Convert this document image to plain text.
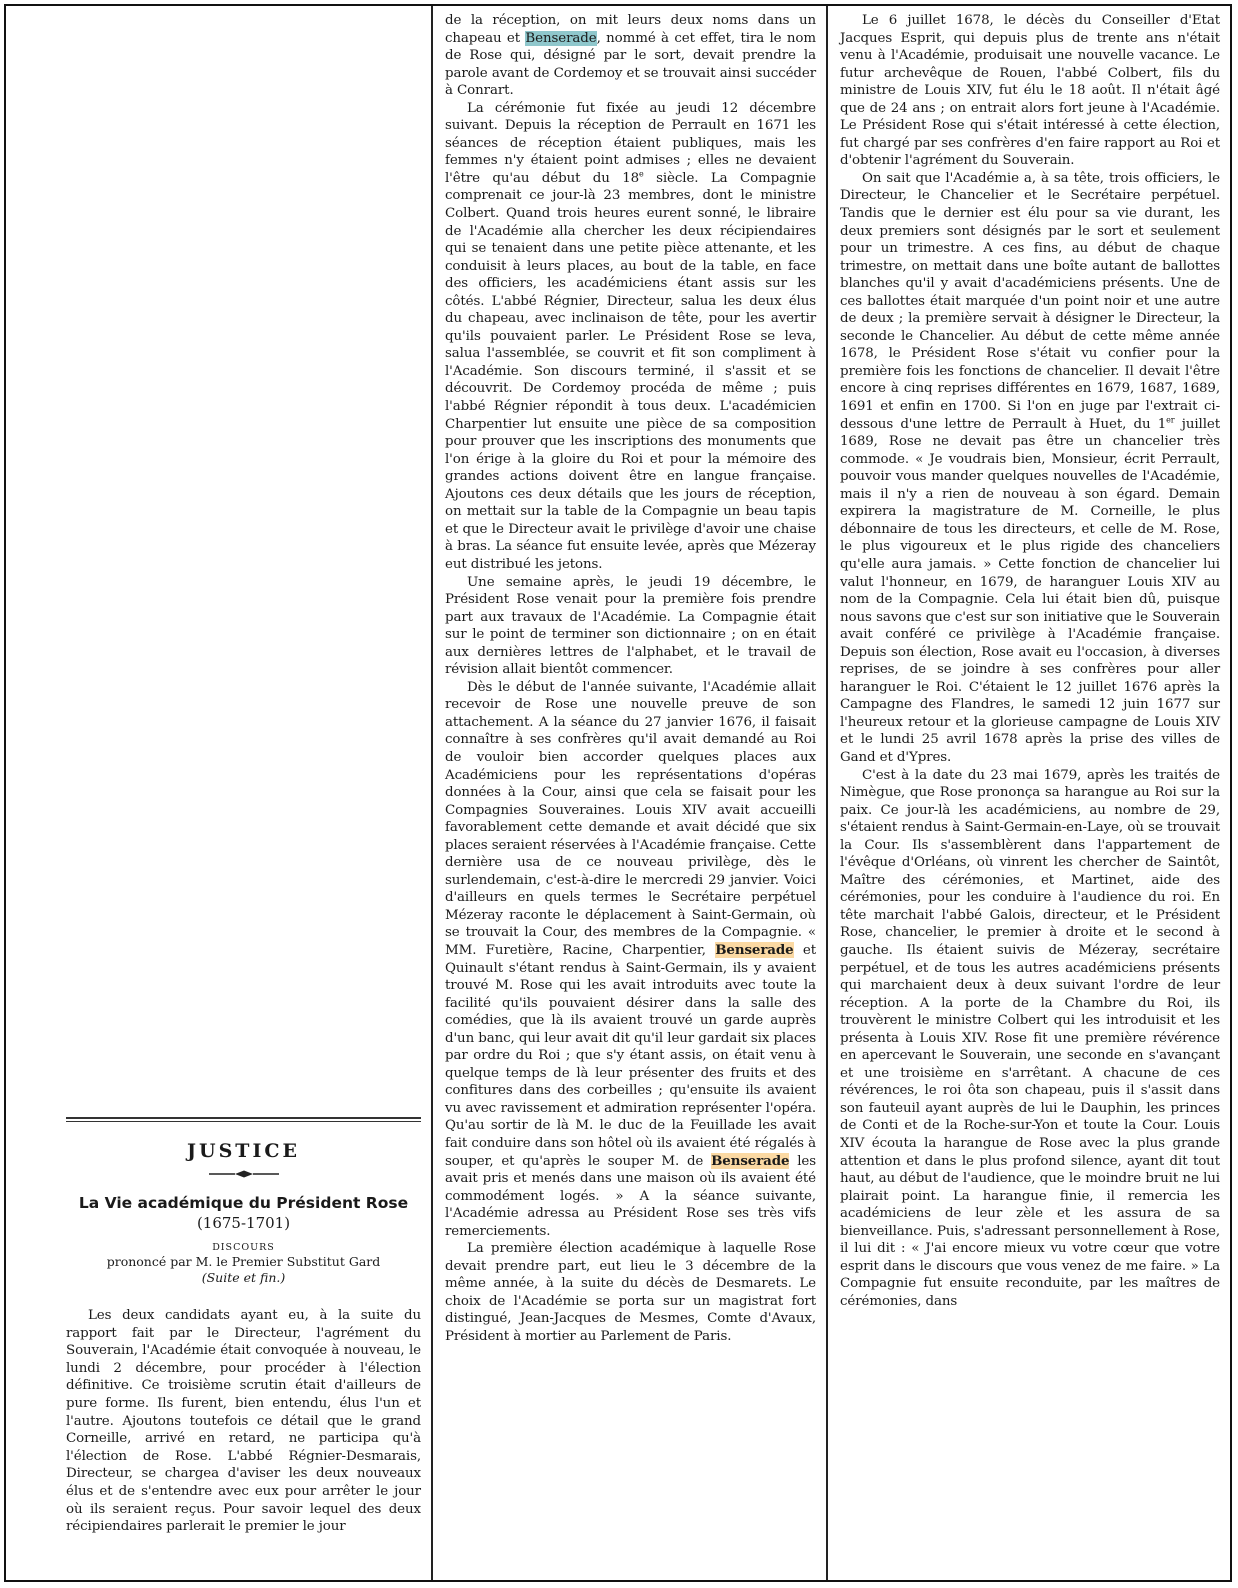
JUSTICE
La Vie académique du Président Rose
(1675-1701)
DISCOURS
prononcé par M. le Premier Substitut Gard
(Suite et fin.)

Les deux candidats ayant eu, à la suite du rapport fait par le Directeur, l'agrément du Souverain, l'Académie était convoquée à nouveau, le lundi 2 décembre, pour procéder à l'élection définitive. Ce troisième scrutin était d'ailleurs de pure forme. Ils furent, bien entendu, élus l'un et l'autre. Ajoutons toutefois ce détail que le grand Corneille, arrivé en retard, ne participa qu'à l'élection de Rose. L'abbé Régnier-Desmarais, Directeur, se chargea d'aviser les deux nouveaux élus et de s'entendre avec eux pour arrêter le jour où ils seraient reçus. Pour savoir lequel des deux récipiendaires parlerait le premier le jour

de la réception, on mit leurs deux noms dans un chapeau et Benserade, nommé à cet effet, tira le nom de Rose qui, désigné par le sort, devait prendre la parole avant de Cordemoy et se trouvait ainsi succéder à Conrart.

La cérémonie fut fixée au jeudi 12 décembre suivant. Depuis la réception de Perrault en 1671 les séances de réception étaient publiques, mais les femmes n'y étaient point admises ; elles ne devaient l'être qu'au début du 18e siècle. La Compagnie comprenait ce jour-là 23 membres, dont le ministre Colbert. Quand trois heures eurent sonné, le libraire de l'Académie alla chercher les deux récipiendaires qui se tenaient dans une petite pièce attenante, et les conduisit à leurs places, au bout de la table, en face des officiers, les académiciens étant assis sur les côtés. L'abbé Régnier, Directeur, salua les deux élus du chapeau, avec inclinaison de tête, pour les avertir qu'ils pouvaient parler. Le Président Rose se leva, salua l'assemblée, se couvrit et fit son compliment à l'Académie. Son discours terminé, il s'assit et se découvrit. De Cordemoy procéda de même ; puis l'abbé Régnier répondit à tous deux. L'académicien Charpentier lut ensuite une pièce de sa composition pour prouver que les inscriptions des monuments que l'on érige à la gloire du Roi et pour la mémoire des grandes actions doivent être en langue française. Ajoutons ces deux détails que les jours de réception, on mettait sur la table de la Compagnie un beau tapis et que le Directeur avait le privilège d'avoir une chaise à bras. La séance fut ensuite levée, après que Mézeray eut distribué les jetons.

Une semaine après, le jeudi 19 décembre, le Président Rose venait pour la première fois prendre part aux travaux de l'Académie. La Compagnie était sur le point de terminer son dictionnaire ; on en était aux dernières lettres de l'alphabet, et le travail de révision allait bientôt commencer.

Dès le début de l'année suivante, l'Académie allait recevoir de Rose une nouvelle preuve de son attachement. A la séance du 27 janvier 1676, il faisait connaître à ses confrères qu'il avait demandé au Roi de vouloir bien accorder quelques places aux Académiciens pour les représentations d'opéras données à la Cour, ainsi que cela se faisait pour les Compagnies Souveraines. Louis XIV avait accueilli favorablement cette demande et avait décidé que six places seraient réservées à l'Académie française. Cette dernière usa de ce nouveau privilège, dès le surlendemain, c'est-à-dire le mercredi 29 janvier. Voici d'ailleurs en quels termes le Secrétaire perpétuel Mézeray raconte le déplacement à Saint-Germain, où se trouvait la Cour, des membres de la Compagnie. « MM. Furetière, Racine, Charpentier, Benserade et Quinault s'étant rendus à Saint-Germain, ils y avaient trouvé M. Rose qui les avait introduits avec toute la facilité qu'ils pouvaient désirer dans la salle des comédies, que là ils avaient trouvé un garde auprès d'un banc, qui leur avait dit qu'il leur gardait six places par ordre du Roi ; que s'y étant assis, on était venu à quelque temps de là leur présenter des fruits et des confitures dans des corbeilles ; qu'ensuite ils avaient vu avec ravissement et admiration représenter l'opéra. Qu'au sortir de là M. le duc de la Feuillade les avait fait conduire dans son hôtel où ils avaient été régalés à souper, et qu'après le souper M. de Benserade les avait pris et menés dans une maison où ils avaient été commodément logés. » A la séance suivante, l'Académie adressa au Président Rose ses très vifs remerciements.

La première élection académique à laquelle Rose devait prendre part, eut lieu le 3 décembre de la même année, à la suite du décès de Desmarets. Le choix de l'Académie se porta sur un magistrat fort distingué, Jean-Jacques de Mesmes, Comte d'Avaux, Président à mortier au Parlement de Paris.

Le 6 juillet 1678, le décès du Conseiller d'Etat Jacques Esprit, qui depuis plus de trente ans n'était venu à l'Académie, produisait une nouvelle vacance. Le futur archevêque de Rouen, l'abbé Colbert, fils du ministre de Louis XIV, fut élu le 18 août. Il n'était âgé que de 24 ans ; on entrait alors fort jeune à l'Académie. Le Président Rose qui s'était intéressé à cette élection, fut chargé par ses confrères d'en faire rapport au Roi et d'obtenir l'agrément du Souverain.

On sait que l'Académie a, à sa tête, trois officiers, le Directeur, le Chancelier et le Secrétaire perpétuel. Tandis que le dernier est élu pour sa vie durant, les deux premiers sont désignés par le sort et seulement pour un trimestre. A ces fins, au début de chaque trimestre, on mettait dans une boîte autant de ballottes blanches qu'il y avait d'académiciens présents. Une de ces ballottes était marquée d'un point noir et une autre de deux ; la première servait à désigner le Directeur, la seconde le Chancelier. Au début de cette même année 1678, le Président Rose s'était vu confier pour la première fois les fonctions de chancelier. Il devait l'être encore à cinq reprises différentes en 1679, 1687, 1689, 1691 et enfin en 1700. Si l'on en juge par l'extrait ci-dessous d'une lettre de Perrault à Huet, du 1er juillet 1689, Rose ne devait pas être un chancelier très commode. « Je voudrais bien, Monsieur, écrit Perrault, pouvoir vous mander quelques nouvelles de l'Académie, mais il n'y a rien de nouveau à son égard. Demain expirera la magistrature de M. Corneille, le plus débonnaire de tous les directeurs, et celle de M. Rose, le plus vigoureux et le plus rigide des chanceliers qu'elle aura jamais. » Cette fonction de chancelier lui valut l'honneur, en 1679, de haranguer Louis XIV au nom de la Compagnie. Cela lui était bien dû, puisque nous savons que c'est sur son initiative que le Souverain avait conféré ce privilège à l'Académie française. Depuis son élection, Rose avait eu l'occasion, à diverses reprises, de se joindre à ses confrères pour aller haranguer le Roi. C'étaient le 12 juillet 1676 après la Campagne des Flandres, le samedi 12 juin 1677 sur l'heureux retour et la glorieuse campagne de Louis XIV et le lundi 25 avril 1678 après la prise des villes de Gand et d'Ypres.

C'est à la date du 23 mai 1679, après les traités de Nimègue, que Rose prononça sa harangue au Roi sur la paix. Ce jour-là les académiciens, au nombre de 29, s'étaient rendus à Saint-Germain-en-Laye, où se trouvait la Cour. Ils s'assemblèrent dans l'appartement de l'évêque d'Orléans, où vinrent les chercher de Saintôt, Maître des cérémonies, et Martinet, aide des cérémonies, pour les conduire à l'audience du roi. En tête marchait l'abbé Galois, directeur, et le Président Rose, chancelier, le premier à droite et le second à gauche. Ils étaient suivis de Mézeray, secrétaire perpétuel, et de tous les autres académiciens présents qui marchaient deux à deux suivant l'ordre de leur réception. A la porte de la Chambre du Roi, ils trouvèrent le ministre Colbert qui les introduisit et les présenta à Louis XIV. Rose fit une première révérence en apercevant le Souverain, une seconde en s'avançant et une troisième en s'arrêtant. A chacune de ces révérences, le roi ôta son chapeau, puis il s'assit dans son fauteuil ayant auprès de lui le Dauphin, les princes de Conti et de la Roche-sur-Yon et toute la Cour. Louis XIV écouta la harangue de Rose avec la plus grande attention et dans le plus profond silence, ayant dit tout haut, au début de l'audience, que le moindre bruit ne lui plairait point. La harangue finie, il remercia les académiciens de leur zèle et les assura de sa bienveillance. Puis, s'adressant personnellement à Rose, il lui dit : « J'ai encore mieux vu votre cœur que votre esprit dans le discours que vous venez de me faire. » La Compagnie fut ensuite reconduite, par les maîtres de cérémonies, dans
